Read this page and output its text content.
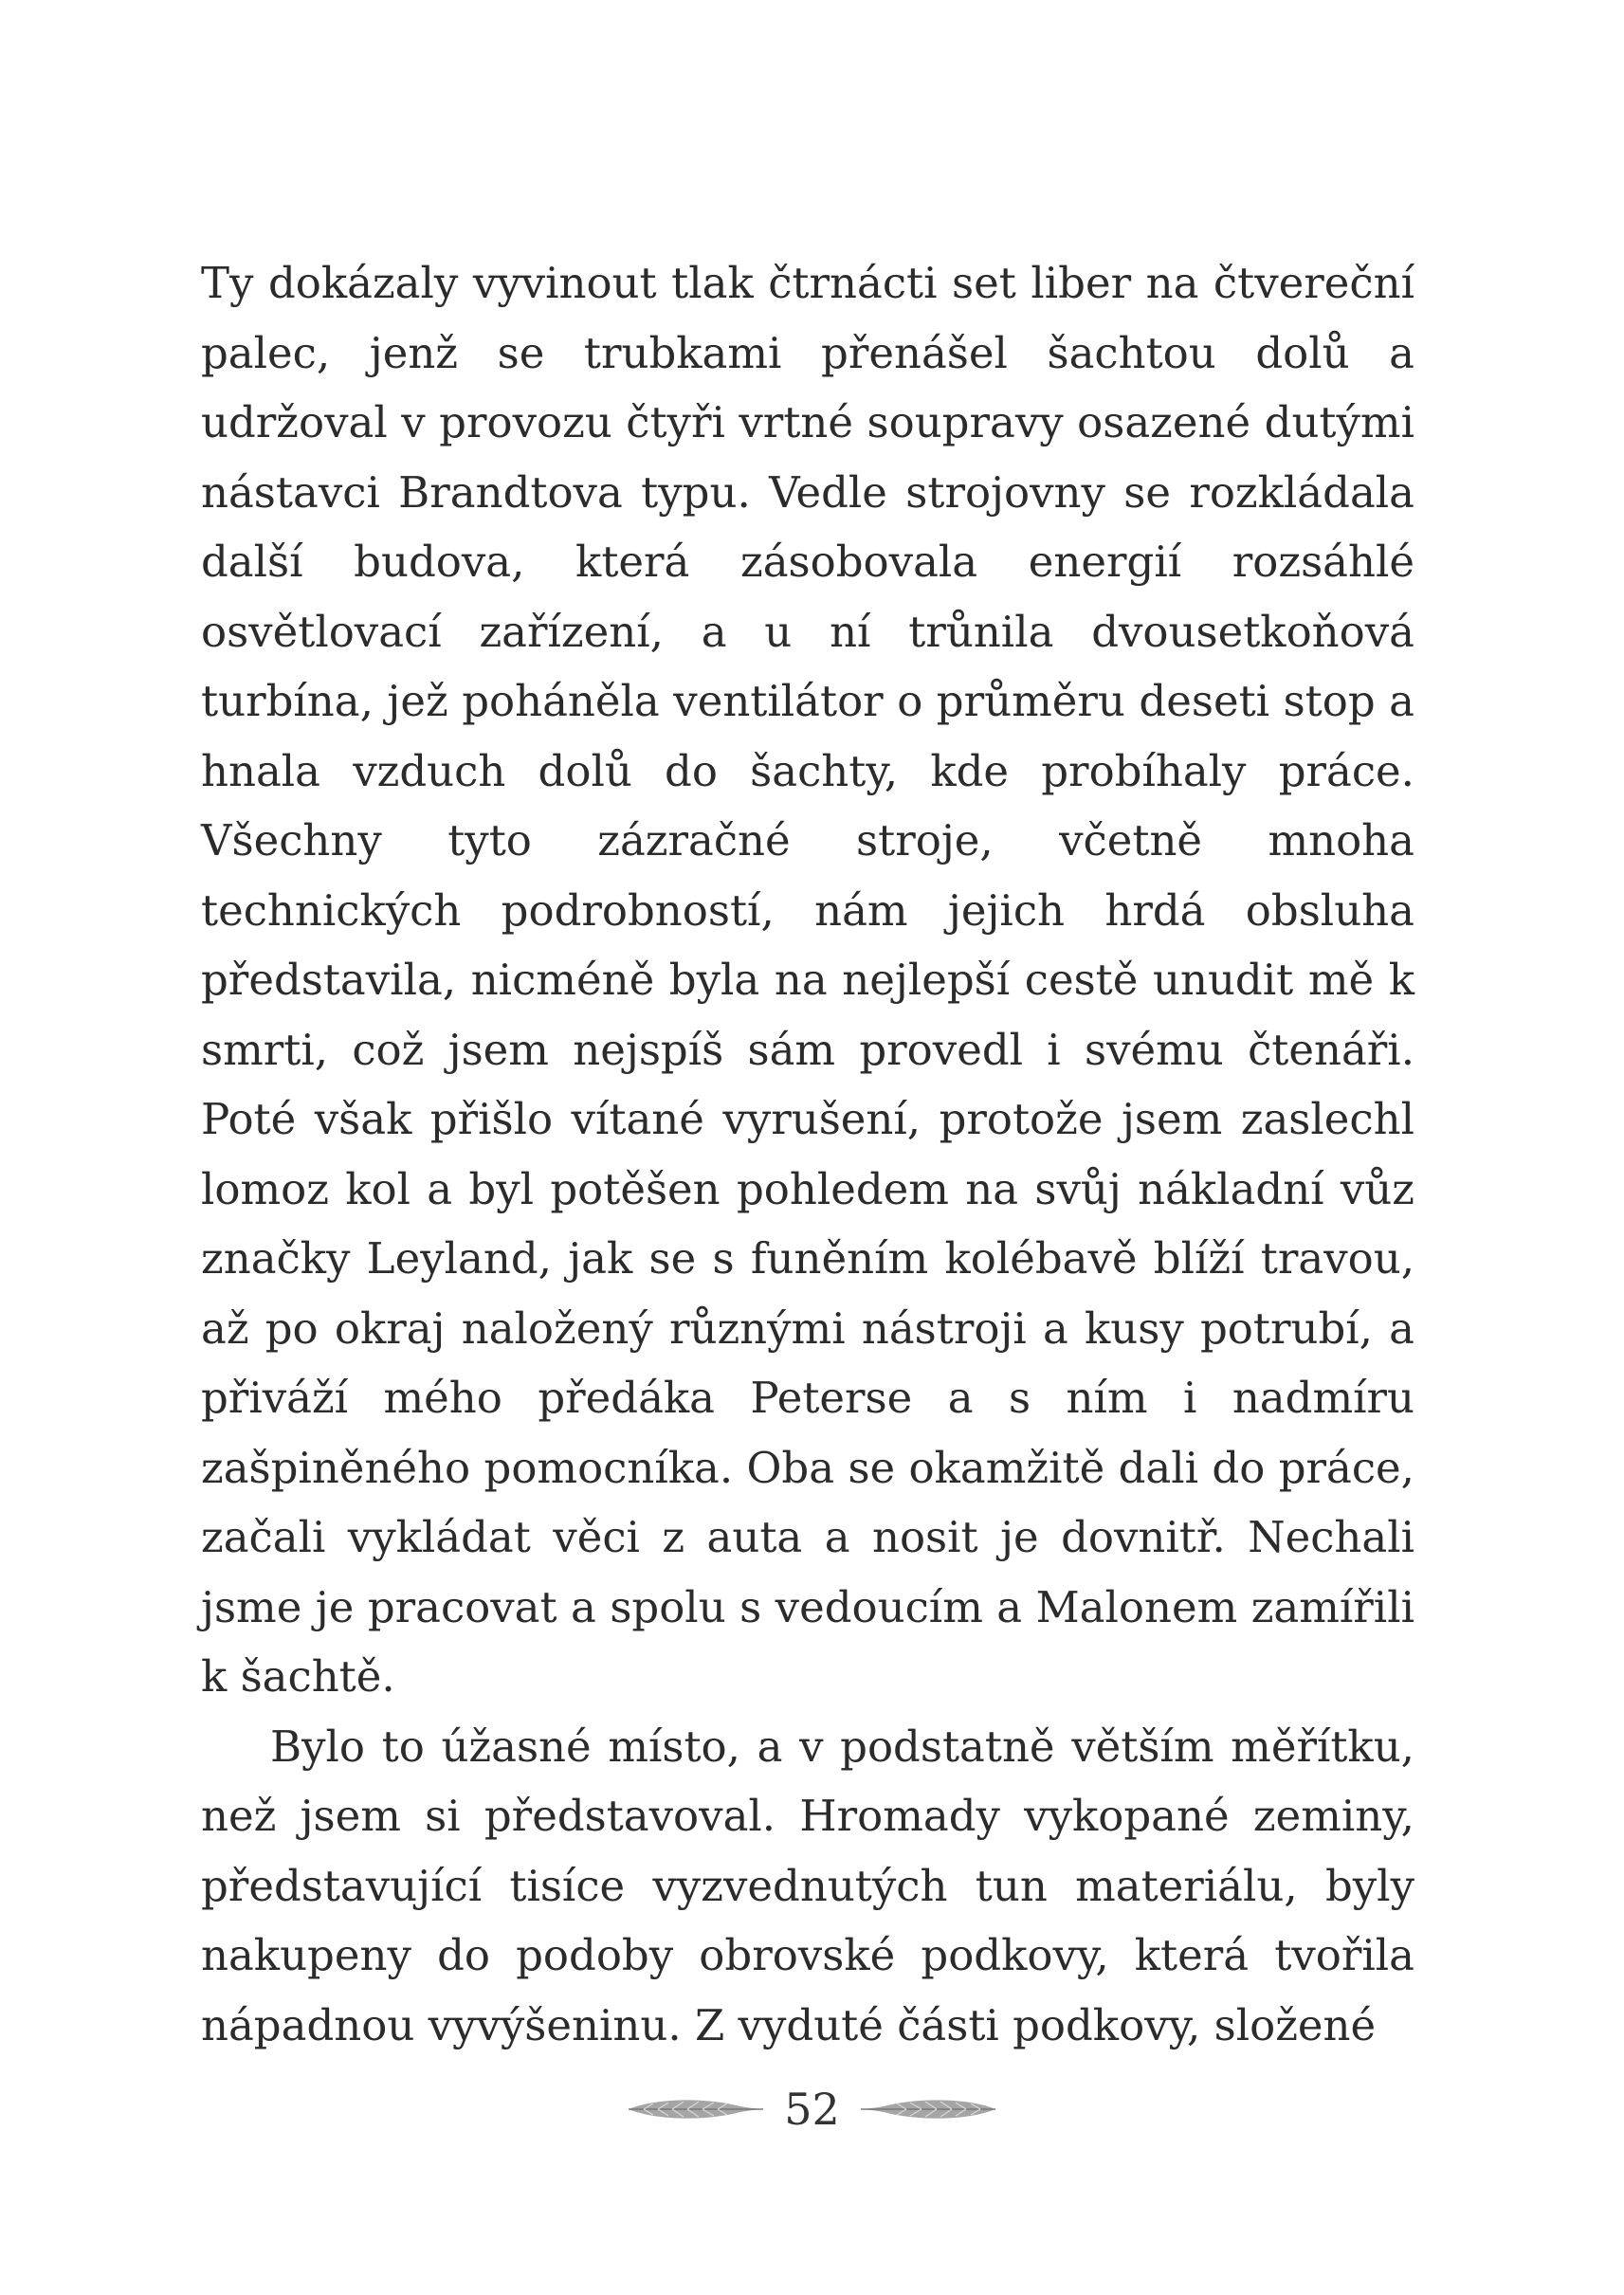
Ty dokázaly vyvinout tlak čtrnácti set liber na čtvereční palec, jenž se trubkami přenášel šachtou dolů a udržoval v provozu čtyři vrtné soupravy osazené dutými nástavci Brandtova typu. Vedle strojovny se rozkládala další budova, která zásobovala energií rozsáhlé osvětlovací zařízení, a u ní trůnila dvousetkoňová turbína, jež poháněla ventilátor o průměru deseti stop a hnala vzduch dolů do šachty, kde probíhaly práce. Všechny tyto zázračné stroje, včetně mnoha technických podrobností, nám jejich hrdá obsluha představila, nicméně byla na nejlepší cestě unudit mě k smrti, což jsem nejspíš sám provedl i svému čtenáři. Poté však přišlo vítané vyrušení, protože jsem zaslechl lomoz kol a byl potěšen pohledem na svůj nákladní vůz značky Leyland, jak se s funěním kolébavě blíží travou, až po okraj naložený různými nástroji a kusy potrubí, a přiváží mého předáka Peterse a s ním i nadmíru zašpiněného pomocníka. Oba se okamžitě dali do práce, začali vykládat věci z auta a nosit je dovnitř. Nechali jsme je pracovat a spolu s vedoucím a Malonem zamířili k šachtě.

Bylo to úžasné místo, a v podstatně větším měřítku, než jsem si představoval. Hromady vykopané zeminy, představující tisíce vyzvednutých tun materiálu, byly nakupeny do podoby obrovské podkovy, která tvořila nápadnou vyvýšeninu. Z vyduté části podkovy, složené

52
